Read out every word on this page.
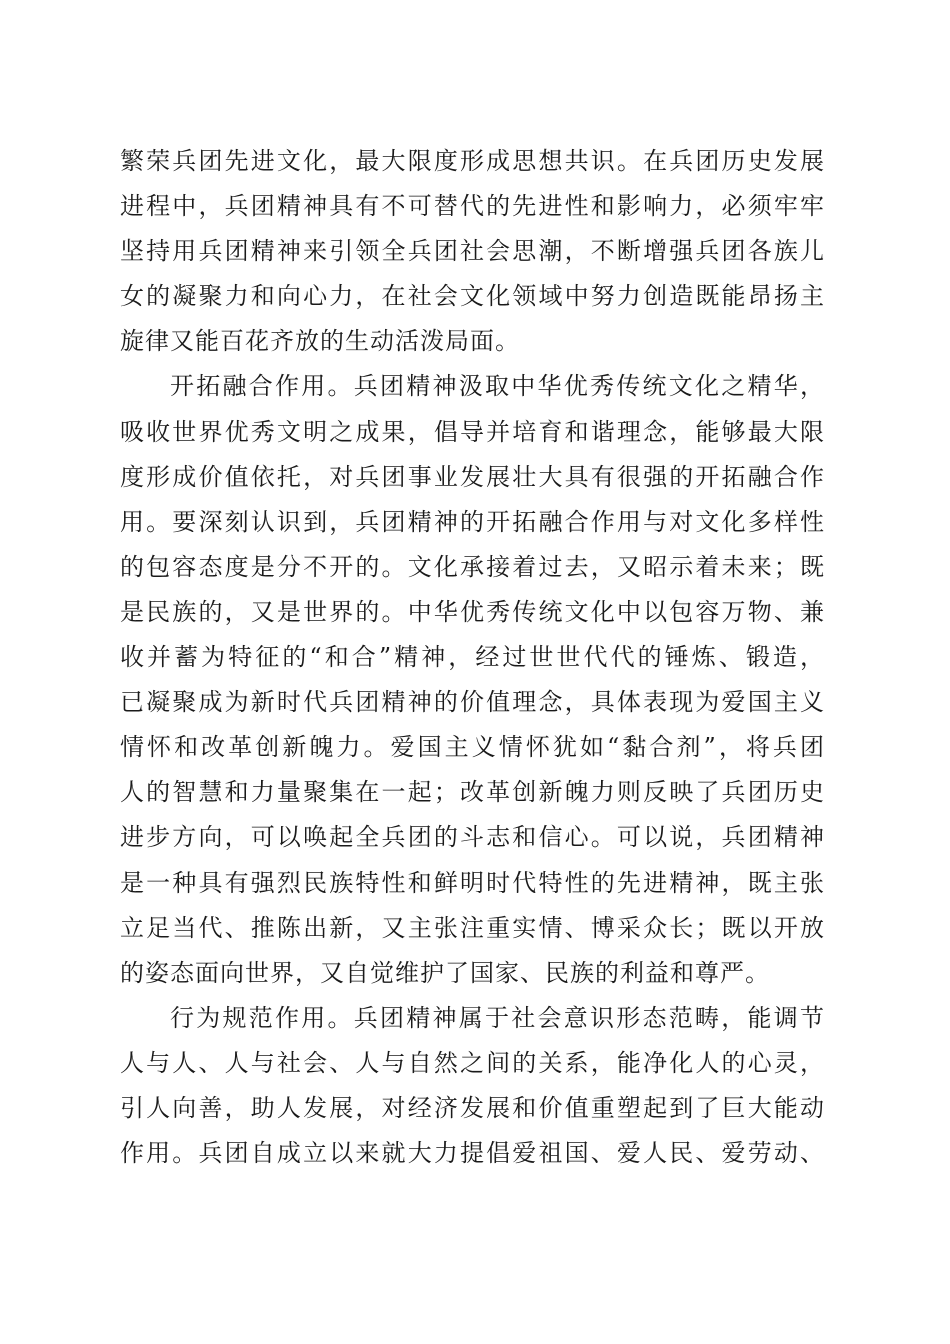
繁荣兵团先进文化，最大限度形成思想共识。在兵团历史发展
进程中，兵团精神具有不可替代的先进性和影响力，必须牢牢
坚持用兵团精神来引领全兵团社会思潮，不断增强兵团各族儿
女的凝聚力和向心力，在社会文化领域中努力创造既能昂扬主
旋律又能百花齐放的生动活泼局面。
开拓融合作用。兵团精神汲取中华优秀传统文化之精华，
吸收世界优秀文明之成果，倡导并培育和谐理念，能够最大限
度形成价值依托，对兵团事业发展壮大具有很强的开拓融合作
用。要深刻认识到，兵团精神的开拓融合作用与对文化多样性
的包容态度是分不开的。文化承接着过去，又昭示着未来；既
是民族的，又是世界的。中华优秀传统文化中以包容万物、兼
收并蓄为特征的“和合”精神，经过世世代代的锤炼、锻造，
已凝聚成为新时代兵团精神的价值理念，具体表现为爱国主义
情怀和改革创新魄力。爱国主义情怀犹如“黏合剂”，将兵团
人的智慧和力量聚集在一起；改革创新魄力则反映了兵团历史
进步方向，可以唤起全兵团的斗志和信心。可以说，兵团精神
是一种具有强烈民族特性和鲜明时代特性的先进精神，既主张
立足当代、推陈出新，又主张注重实情、博采众长；既以开放
的姿态面向世界，又自觉维护了国家、民族的利益和尊严。
行为规范作用。兵团精神属于社会意识形态范畴，能调节
人与人、人与社会、人与自然之间的关系，能净化人的心灵，
引人向善，助人发展，对经济发展和价值重塑起到了巨大能动
作用。兵团自成立以来就大力提倡爱祖国、爱人民、爱劳动、
